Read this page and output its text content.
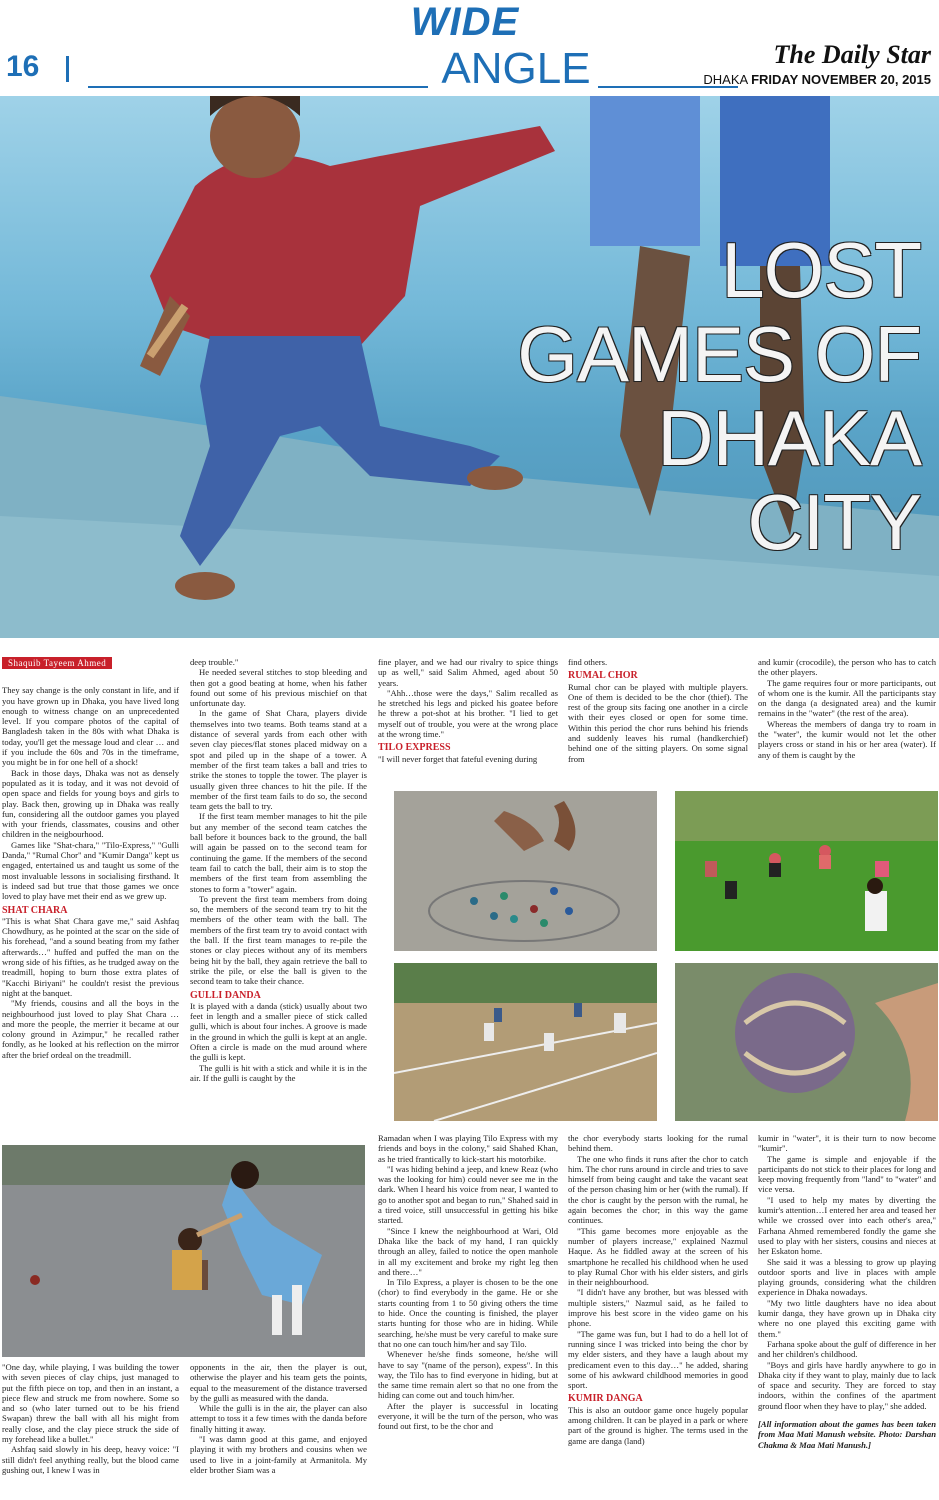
16
WIDE
ANGLE	The Daily Star
DHAKA FRIDAY NOVEMBER 20, 2015
LOST
GAMES OF
DHAKA
CITY
Shaquib Tayeem Ahmed

They say change is the only constant in life, and if you have grown up in Dhaka, you have lived long enough to witness change on an unprecedented level. If you compare photos of the capital of Bangladesh taken in the 80s with what Dhaka is today, you'll get the message loud and clear … and if you include the 60s and 70s in the timeframe, you might be in for one hell of a shock!

Back in those days, Dhaka was not as densely populated as it is today, and it was not devoid of open space and fields for young boys and girls to play. Back then, growing up in Dhaka was really fun, considering all the outdoor games you played with your friends, classmates, cousins and other children in the neigbourhood.

Games like "Shat-chara," "Tilo-Express," "Gulli Danda," "Rumal Chor" and "Kumir Danga" kept us engaged, entertained us and taught us some of the most invaluable lessons in socialising firsthand. It is indeed sad but true that those games we once loved to play have met their end as we grew up.

SHAT CHARA

"This is what Shat Chara gave me," said Ashfaq Chowdhury, as he pointed at the scar on the side of his forehead, "and a sound beating from my father afterwards…" huffed and puffed the man on the wrong side of his fifties, as he trudged away on the treadmill, hoping to burn those extra plates of "Kacchi Biriyani" he couldn't resist the previous night at the banquet.

"My friends, cousins and all the boys in the neighbourhood just loved to play Shat Chara … and more the people, the merrier it became at our colony ground in Azimpur," he recalled rather fondly, as he looked at his reflection on the mirror after the brief ordeal on the treadmill.

deep trouble."

He needed several stitches to stop bleeding and then got a good beating at home, when his father found out some of his previous mischief on that unfortunate day.

In the game of Shat Chara, players divide themselves into two teams. Both teams stand at a distance of several yards from each other with seven clay pieces/flat stones placed midway on a spot and piled up in the shape of a tower. A member of the first team takes a ball and tries to strike the stones to topple the tower. The player is usually given three chances to hit the pile. If the member of the first team fails to do so, the second team gets the ball to try.

If the first team member manages to hit the pile but any member of the second team catches the ball before it bounces back to the ground, the ball will again be passed on to the second team for continuing the game. If the members of the second team fail to catch the ball, their aim is to stop the members of the first team from assembling the stones to form a "tower" again.

To prevent the first team members from doing so, the members of the second team try to hit the members of the other team with the ball. The members of the first team try to avoid contact with the ball. If the first team manages to re-pile the stones or clay pieces without any of its members being hit by the ball, they again retrieve the ball to strike the pile, or else the ball is given to the second team to take their chance.

GULLI DANDA

It is played with a danda (stick) usually about two feet in length and a smaller piece of stick called gulli, which is about four inches. A groove is made in the ground in which the gulli is kept at an angle. Often a circle is made on the mud around where the gulli is kept.

The gulli is hit with a stick and while it is in the air. If the gulli is caught by the

fine player, and we had our rivalry to spice things up as well," said Salim Ahmed, aged about 50 years.

"Ahh…those were the days," Salim recalled as he stretched his legs and picked his goatee before he threw a pot-shot at his brother. "I lied to get myself out of trouble, you were at the wrong place at the wrong time."

TILO EXPRESS

"I will never forget that fateful evening during

find others.

RUMAL CHOR

Rumal chor can be played with multiple players. One of them is decided to be the chor (thief). The rest of the group sits facing one another in a circle with their eyes closed or open for some time. Within this period the chor runs behind his friends and suddenly leaves his rumal (handkerchief) behind one of the sitting players. On some signal from

and kumir (crocodile), the person who has to catch the other players.

The game requires four or more participants, out of whom one is the kumir. All the participants stay on the danga (a designated area) and the kumir remains in the "water" (the rest of the area).

Whereas the members of danga try to roam in the "water", the kumir would not let the other players cross or stand in his or her area (water). If any of them is caught by the

"One day, while playing, I was building the tower with seven pieces of clay chips, just managed to put the fifth piece on top, and then in an instant, a piece flew and struck me from nowhere. Some so and so (who later turned out to be his friend Swapan) threw the ball with all his might from really close, and the clay piece struck the side of my forehead like a bullet."

Ashfaq said slowly in his deep, heavy voice: "I still didn't feel anything really, but the blood came gushing out, I knew I was in

opponents in the air, then the player is out, otherwise the player and his team gets the points, equal to the measurement of the distance traversed by the gulli as measured with the danda.

While the gulli is in the air, the player can also attempt to toss it a few times with the danda before finally hitting it away.

"I was damn good at this game, and enjoyed playing it with my brothers and cousins when we used to live in a joint-family at Armanitola. My elder brother Siam was a

Ramadan when I was playing Tilo Express with my friends and boys in the colony," said Shahed Khan, as he tried frantically to kick-start his motorbike.

"I was hiding behind a jeep, and knew Reaz (who was the looking for him) could never see me in the dark. When I heard his voice from near, I wanted to go to another spot and began to run," Shahed said in a tired voice, still unsuccessful in getting his bike started.

"Since I knew the neighbourhood at Wari, Old Dhaka like the back of my hand, I ran quickly through an alley, failed to notice the open manhole in all my excitement and broke my right leg then and there…"

In Tilo Express, a player is chosen to be the one (chor) to find everybody in the game. He or she starts counting from 1 to 50 giving others the time to hide. Once the counting is finished, the player starts hunting for those who are in hiding. While searching, he/she must be very careful to make sure that no one can touch him/her and say Tilo.

Whenever he/she finds someone, he/she will have to say "(name of the person), expess". In this way, the Tilo has to find everyone in hiding, but at the same time remain alert so that no one from the hiding can come out and touch him/her.

After the player is successful in locating everyone, it will be the turn of the person, who was found out first, to be the chor and

the chor everybody starts looking for the rumal behind them.

The one who finds it runs after the chor to catch him. The chor runs around in circle and tries to save himself from being caught and take the vacant seat of the person chasing him or her (with the rumal). If the chor is caught by the person with the rumal, he again becomes the chor; in this way the game continues.

"This game becomes more enjoyable as the number of players increase," explained Nazmul Haque. As he fiddled away at the screen of his smartphone he recalled his childhood when he used to play Rumal Chor with his elder sisters, and girls in their neighbourhood.

"I didn't have any brother, but was blessed with multiple sisters," Nazmul said, as he failed to improve his best score in the video game on his phone.

"The game was fun, but I had to do a hell lot of running since I was tricked into being the chor by my elder sisters, and they have a laugh about my predicament even to this day…" he added, sharing some of his awkward childhood memories in good sport.

KUMIR DANGA

This is also an outdoor game once hugely popular among children. It can be played in a park or where part of the ground is higher. The terms used in the game are danga (land)

kumir in "water", it is their turn to now become "kumir".

The game is simple and enjoyable if the participants do not stick to their places for long and keep moving frequently from "land" to "water" and vice versa.

"I used to help my mates by diverting the kumir's attention…I entered her area and teased her while we crossed over into each other's area," Farhana Ahmed remembered fondly the game she used to play with her sisters, cousins and nieces at her Eskaton home.

She said it was a blessing to grow up playing outdoor sports and live in places with ample playing grounds, considering what the children experience in Dhaka nowadays.

"My two little daughters have no idea about kumir danga, they have grown up in Dhaka city where no one played this exciting game with them."

Farhana spoke about the gulf of difference in her and her children's childhood.

"Boys and girls have hardly anywhere to go in Dhaka city if they want to play, mainly due to lack of space and security. They are forced to stay indoors, within the confines of the apartment ground floor when they have to play," she added.

[All information about the games has been taken from Maa Mati Manush website. Photo: Darshan Chakma & Maa Mati Manush.]
